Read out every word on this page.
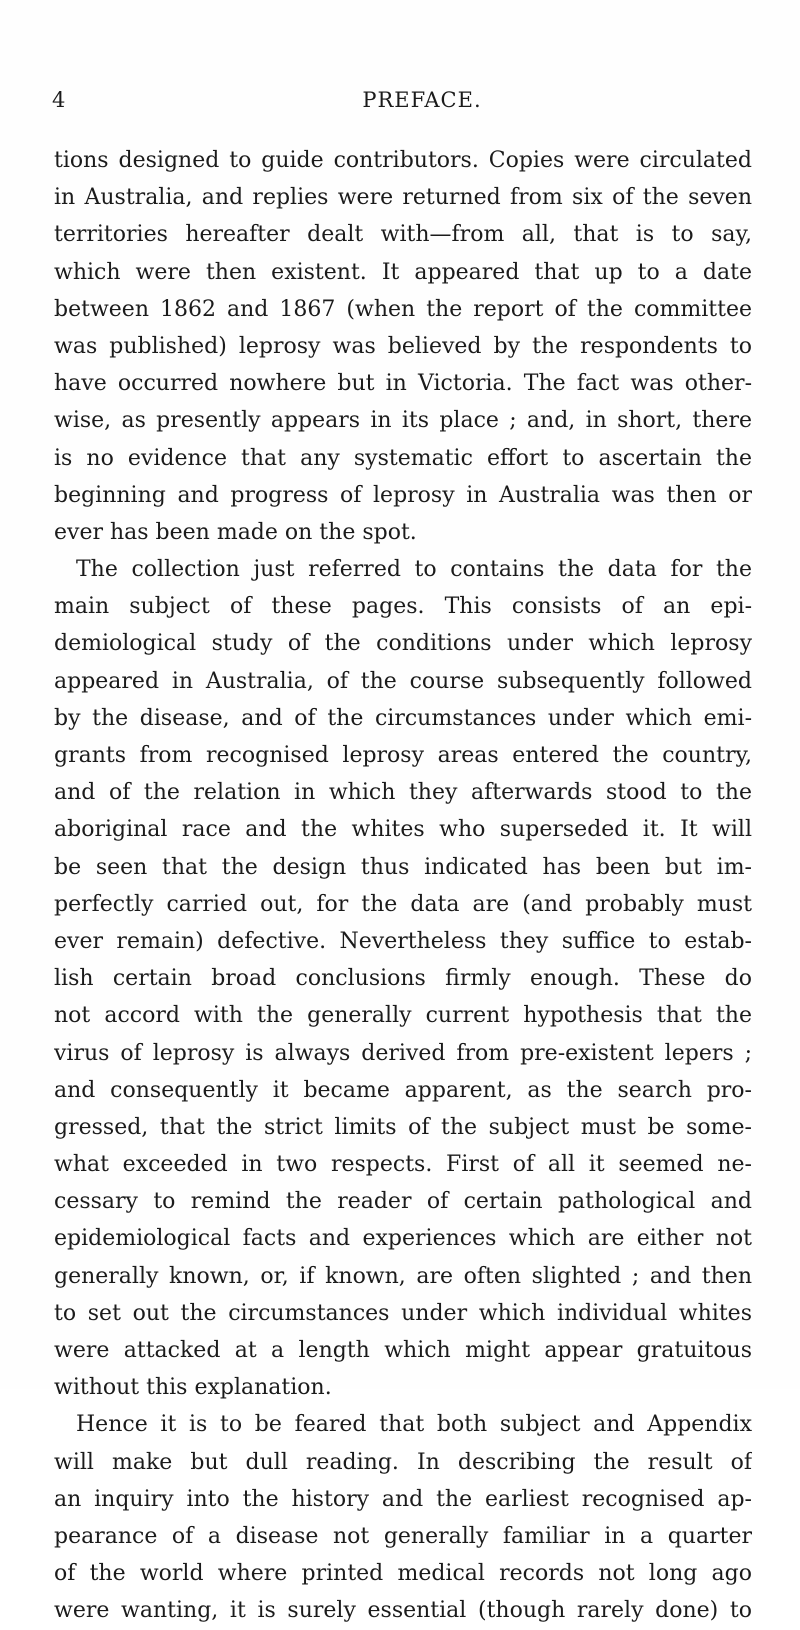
4	PREFACE.
tions designed to guide contributors. Copies were circulated
in Australia, and replies were returned from six of the seven
territories hereafter dealt with—from all, that is to say,
which were then existent. It appeared that up to a date
between 1862 and 1867 (when the report of the committee
was published) leprosy was believed by the respondents to
have occurred nowhere but in Victoria. The fact was other-
wise, as presently appears in its place ; and, in short, there
is no evidence that any systematic effort to ascertain the
beginning and progress of leprosy in Australia was then or
ever has been made on the spot.
The collection just referred to contains the data for the
main subject of these pages. This consists of an epi-
demiological study of the conditions under which leprosy
appeared in Australia, of the course subsequently followed
by the disease, and of the circumstances under which emi-
grants from recognised leprosy areas entered the country,
and of the relation in which they afterwards stood to the
aboriginal race and the whites who superseded it. It will
be seen that the design thus indicated has been but im-
perfectly carried out, for the data are (and probably must
ever remain) defective. Nevertheless they suffice to estab-
lish certain broad conclusions firmly enough. These do
not accord with the generally current hypothesis that the
virus of leprosy is always derived from pre-existent lepers ;
and consequently it became apparent, as the search pro-
gressed, that the strict limits of the subject must be some-
what exceeded in two respects. First of all it seemed ne-
cessary to remind the reader of certain pathological and
epidemiological facts and experiences which are either not
generally known, or, if known, are often slighted ; and then
to set out the circumstances under which individual whites
were attacked at a length which might appear gratuitous
without this explanation.
Hence it is to be feared that both subject and Appendix
will make but dull reading. In describing the result of
an inquiry into the history and the earliest recognised ap-
pearance of a disease not generally familiar in a quarter
of the world where printed medical records not long ago
were wanting, it is surely essential (though rarely done) to
